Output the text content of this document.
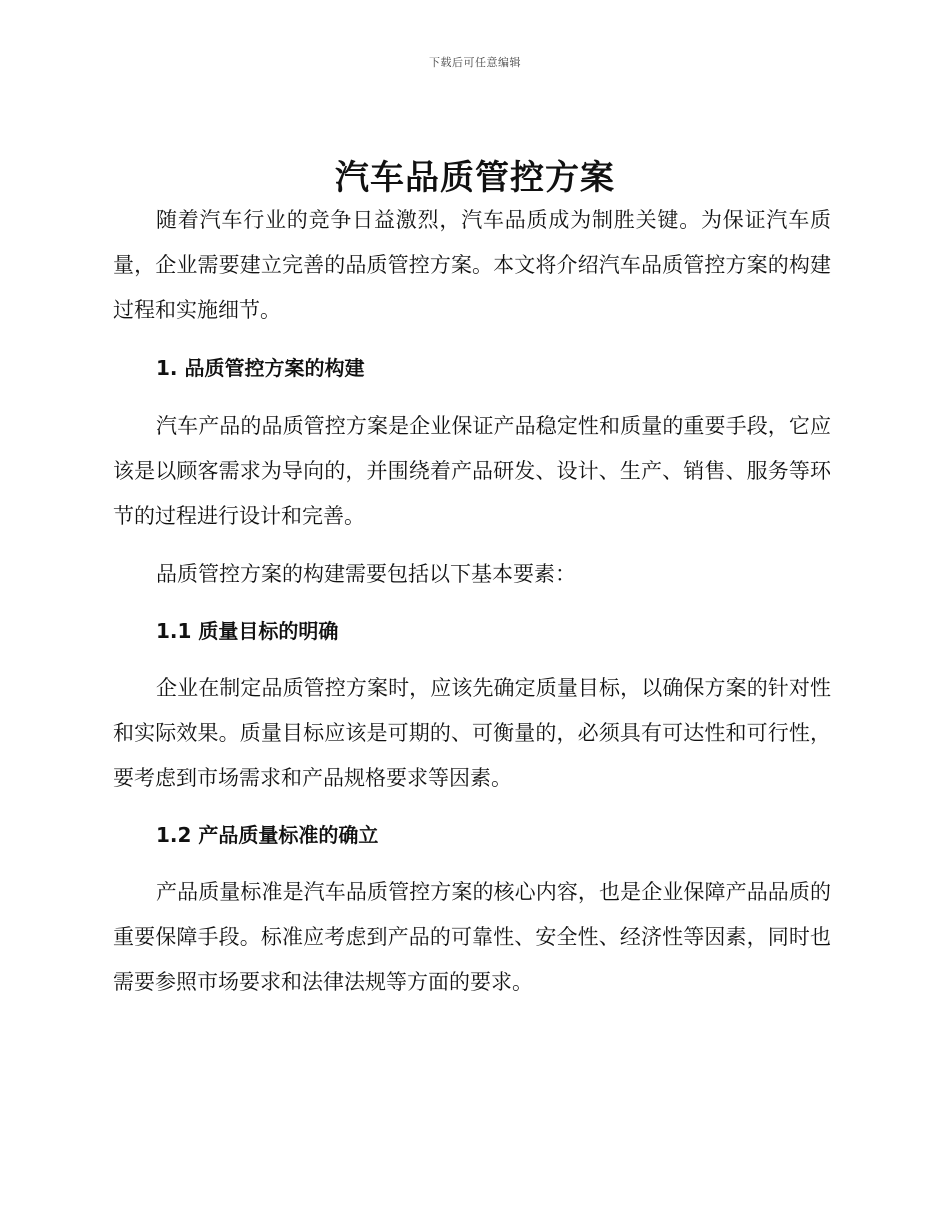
下载后可任意编辑
汽车品质管控方案

随着汽车行业的竞争日益激烈，汽车品质成为制胜关键。为保证汽车质量，企业需要建立完善的品质管控方案。本文将介绍汽车品质管控方案的构建过程和实施细节。

1. 品质管控方案的构建

汽车产品的品质管控方案是企业保证产品稳定性和质量的重要手段，它应该是以顾客需求为导向的，并围绕着产品研发、设计、生产、销售、服务等环节的过程进行设计和完善。

品质管控方案的构建需要包括以下基本要素：

1.1 质量目标的明确

企业在制定品质管控方案时，应该先确定质量目标，以确保方案的针对性和实际效果。质量目标应该是可期的、可衡量的，必须具有可达性和可行性，要考虑到市场需求和产品规格要求等因素。

1.2 产品质量标准的确立

产品质量标准是汽车品质管控方案的核心内容，也是企业保障产品品质的重要保障手段。标准应考虑到产品的可靠性、安全性、经济性等因素，同时也需要参照市场要求和法律法规等方面的要求。
